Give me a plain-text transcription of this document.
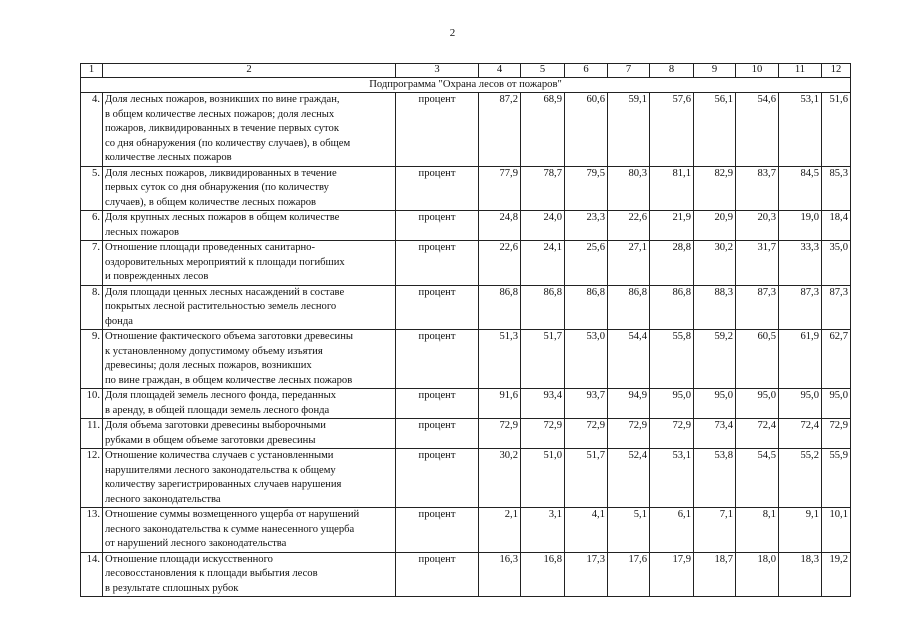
2
1	2	3	4	5	6	7	8	9	10	11	12
Подпрограмма "Охрана лесов от пожаров"											
4.	Доля лесных пожаров, возникших по вине граждан,
в общем количестве лесных пожаров; доля лесных
пожаров, ликвидированных в течение первых суток
со дня обнаружения (по количеству случаев), в общем
количестве лесных пожаров	процент	87,2	68,9	60,6	59,1	57,6	56,1	54,6	53,1	51,6
5.	Доля лесных пожаров, ликвидированных в течение
первых суток со дня обнаружения (по количеству
случаев), в общем количестве лесных пожаров	процент	77,9	78,7	79,5	80,3	81,1	82,9	83,7	84,5	85,3
6.	Доля крупных лесных пожаров в общем количестве
лесных пожаров	процент	24,8	24,0	23,3	22,6	21,9	20,9	20,3	19,0	18,4
7.	Отношение площади проведенных санитарно-
оздоровительных мероприятий к площади погибших
и поврежденных лесов	процент	22,6	24,1	25,6	27,1	28,8	30,2	31,7	33,3	35,0
8.	Доля площади ценных лесных насаждений в составе
покрытых лесной растительностью земель лесного
фонда	процент	86,8	86,8	86,8	86,8	86,8	88,3	87,3	87,3	87,3
9.	Отношение фактического объема заготовки древесины
к установленному допустимому объему изъятия
древесины; доля лесных пожаров, возникших
по вине граждан, в общем количестве лесных пожаров	процент	51,3	51,7	53,0	54,4	55,8	59,2	60,5	61,9	62,7
10.	Доля площадей земель лесного фонда, переданных
в аренду, в общей площади земель лесного фонда	процент	91,6	93,4	93,7	94,9	95,0	95,0	95,0	95,0	95,0
11.	Доля объема заготовки древесины выборочными
рубками в общем объеме заготовки древесины	процент	72,9	72,9	72,9	72,9	72,9	73,4	72,4	72,4	72,9
12.	Отношение количества случаев с установленными
нарушителями лесного законодательства к общему
количеству зарегистрированных случаев нарушения
лесного законодательства	процент	30,2	51,0	51,7	52,4	53,1	53,8	54,5	55,2	55,9
13.	Отношение суммы возмещенного ущерба от нарушений
лесного законодательства к сумме нанесенного ущерба
от нарушений лесного законодательства	процент	2,1	3,1	4,1	5,1	6,1	7,1	8,1	9,1	10,1
14.	Отношение площади искусственного
лесовосстановления к площади выбытия лесов
в результате сплошных рубок	процент	16,3	16,8	17,3	17,6	17,9	18,7	18,0	18,3	19,2
